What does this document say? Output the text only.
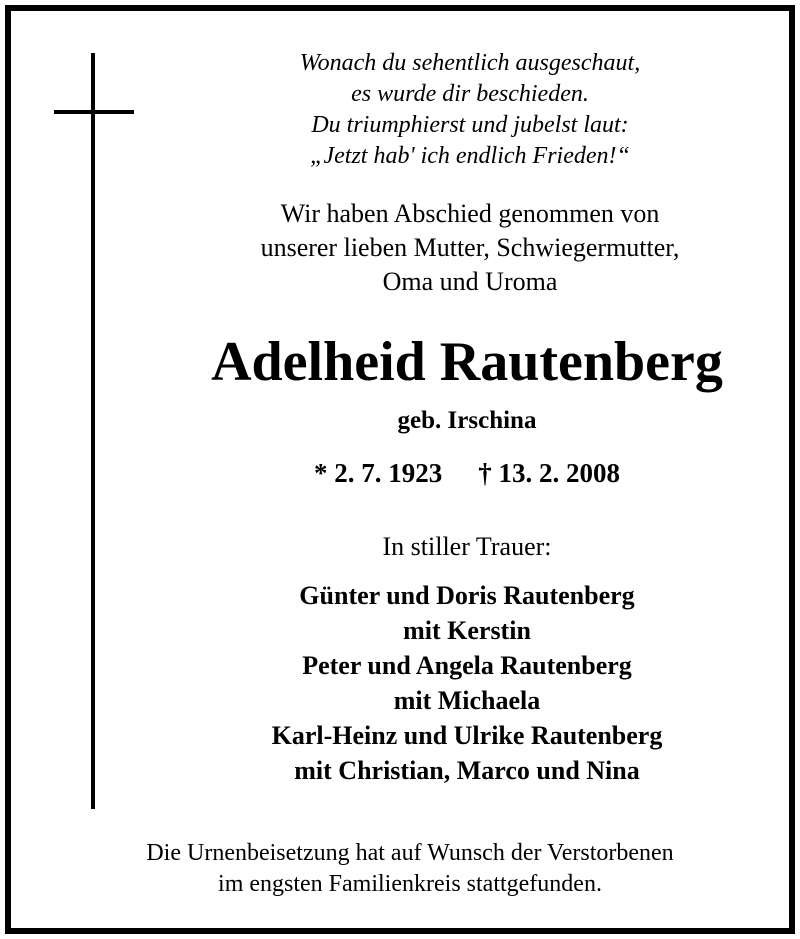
Wonach du sehentlich ausgeschaut,
es wurde dir beschieden.
Du triumphierst und jubelst laut:
„Jetzt hab' ich endlich Frieden!“
Wir haben Abschied genommen von
unserer lieben Mutter, Schwiegermutter,
Oma und Uroma
Adelheid Rautenberg
geb. Irschina
* 2. 7. 1923 † 13. 2. 2008
In stiller Trauer:
Günter und Doris Rautenberg
mit Kerstin
Peter und Angela Rautenberg
mit Michaela
Karl-Heinz und Ulrike Rautenberg
mit Christian, Marco und Nina
Die Urnenbeisetzung hat auf Wunsch der Verstorbenen
im engsten Familienkreis stattgefunden.
